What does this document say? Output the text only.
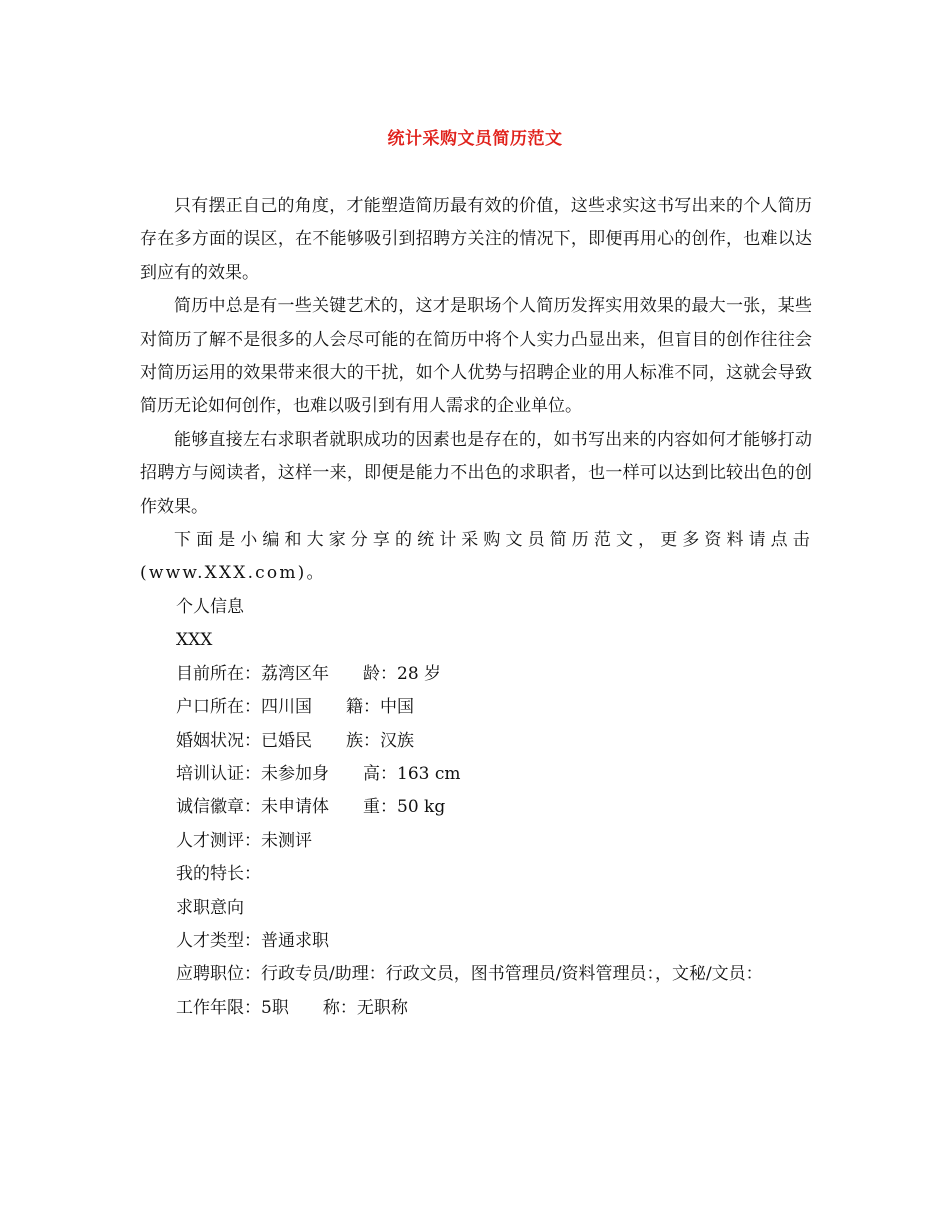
统计采购文员简历范文

只有摆正自己的角度，才能塑造简历最有效的价值，这些求实这书写出来的个人简历存在多方面的误区，在不能够吸引到招聘方关注的情况下，即便再用心的创作，也难以达到应有的效果。

简历中总是有一些关键艺术的，这才是职场个人简历发挥实用效果的最大一张，某些对简历了解不是很多的人会尽可能的在简历中将个人实力凸显出来，但盲目的创作往往会对简历运用的效果带来很大的干扰，如个人优势与招聘企业的用人标准不同，这就会导致简历无论如何创作，也难以吸引到有用人需求的企业单位。

能够直接左右求职者就职成功的因素也是存在的，如书写出来的内容如何才能够打动招聘方与阅读者，这样一来，即便是能力不出色的求职者，也一样可以达到比较出色的创作效果。

下面是小编和大家分享的统计采购文员简历范文，更多资料请点击(www.XXX.com)。

个人信息

XXX

目前所在：荔湾区年　　龄：28 岁

户口所在：四川国　　籍：中国

婚姻状况：已婚民　　族：汉族

培训认证：未参加身　　高：163 cm

诚信徽章：未申请体　　重：50 kg

人才测评：未测评

我的特长：

求职意向

人才类型：普通求职

应聘职位：行政专员/助理：行政文员，图书管理员/资料管理员：，文秘/文员：

工作年限：5职　　称：无职称
